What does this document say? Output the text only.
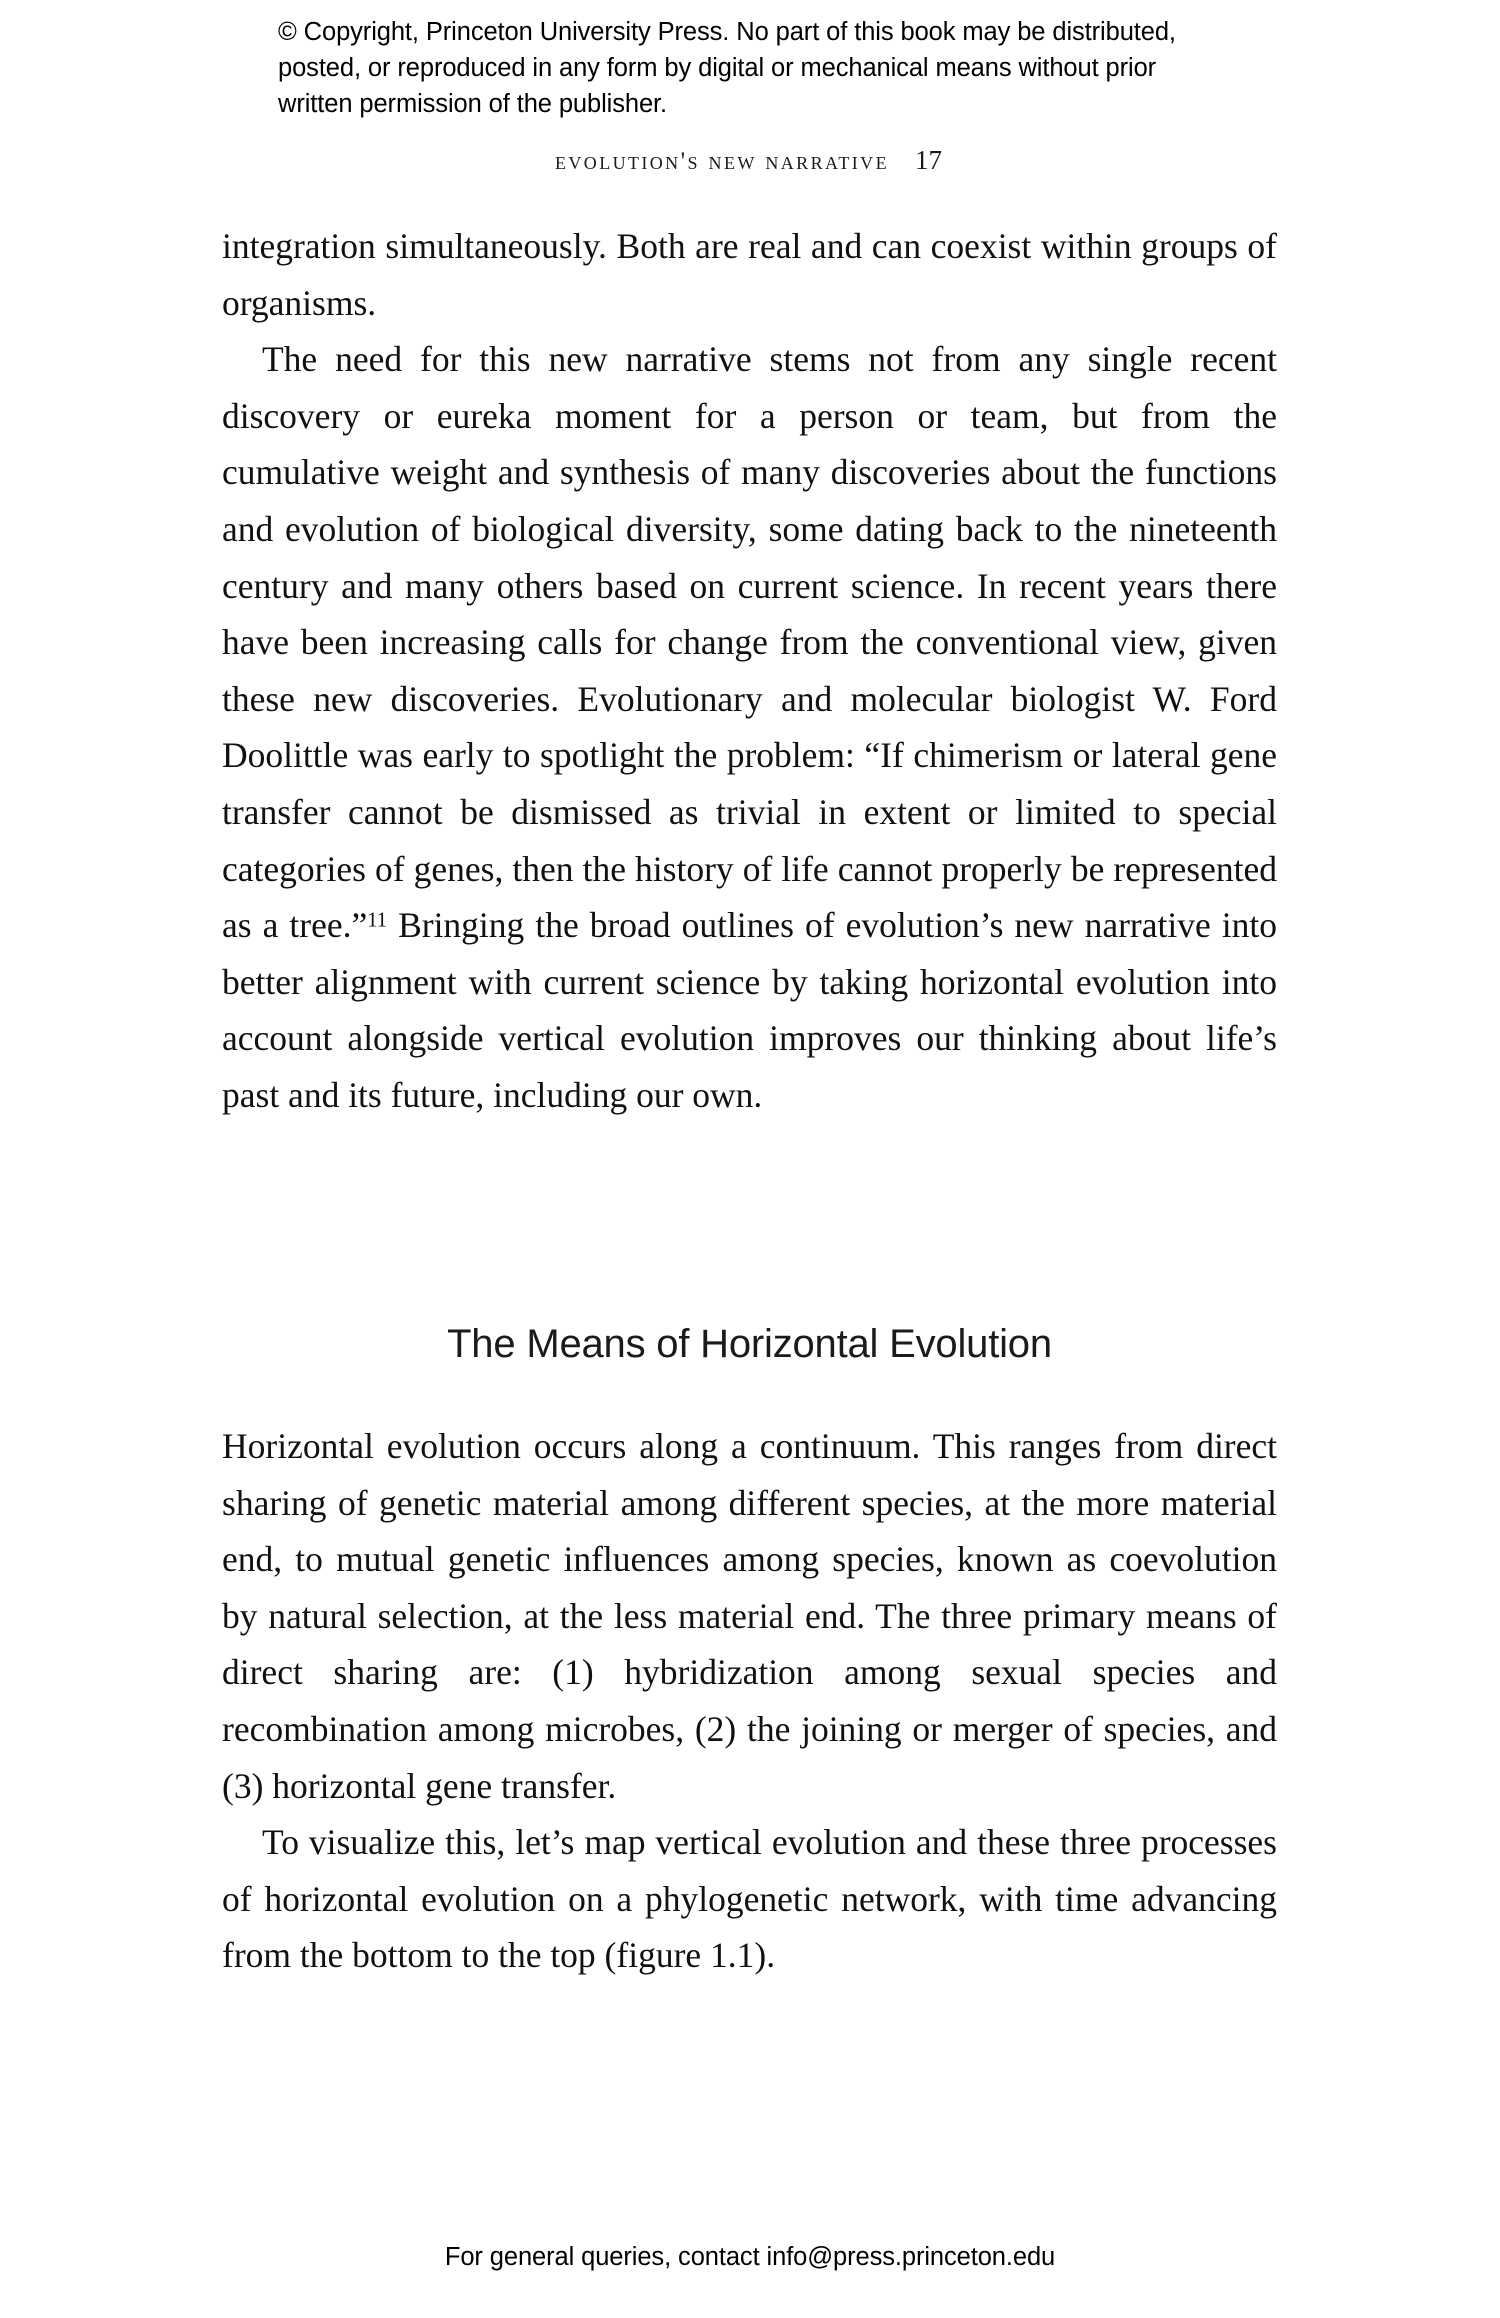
© Copyright, Princeton University Press. No part of this book may be distributed, posted, or reproduced in any form by digital or mechanical means without prior written permission of the publisher.
evolution's new narrative 17

integration simultaneously. Both are real and can coexist within groups of organisms.

The need for this new narrative stems not from any single recent discovery or eureka moment for a person or team, but from the cumulative weight and synthesis of many discoveries about the functions and evolution of biological diversity, some dating back to the nineteenth century and many others based on current science. In recent years there have been increasing calls for change from the conventional view, given these new discoveries. Evolutionary and molecular biologist W. Ford Doolittle was early to spotlight the problem: “If chimerism or lateral gene transfer cannot be dismissed as trivial in extent or limited to special categories of genes, then the history of life cannot properly be represented as a tree.”$^{11}$ Bringing the broad outlines of evolution’s new narrative into better alignment with current science by taking horizontal evolution into account alongside vertical evolution improves our thinking about life’s past and its future, including our own.

The Means of Horizontal Evolution

Horizontal evolution occurs along a continuum. This ranges from direct sharing of genetic material among different species, at the more material end, to mutual genetic influences among species, known as coevolution by natural selection, at the less material end. The three primary means of direct sharing are: (1) hybridization among sexual species and recombination among microbes, (2) the joining or merger of species, and (3) horizontal gene transfer.

To visualize this, let’s map vertical evolution and these three processes of horizontal evolution on a phylogenetic network, with time advancing from the bottom to the top (figure 1.1).

For general queries, contact info@press.princeton.edu
